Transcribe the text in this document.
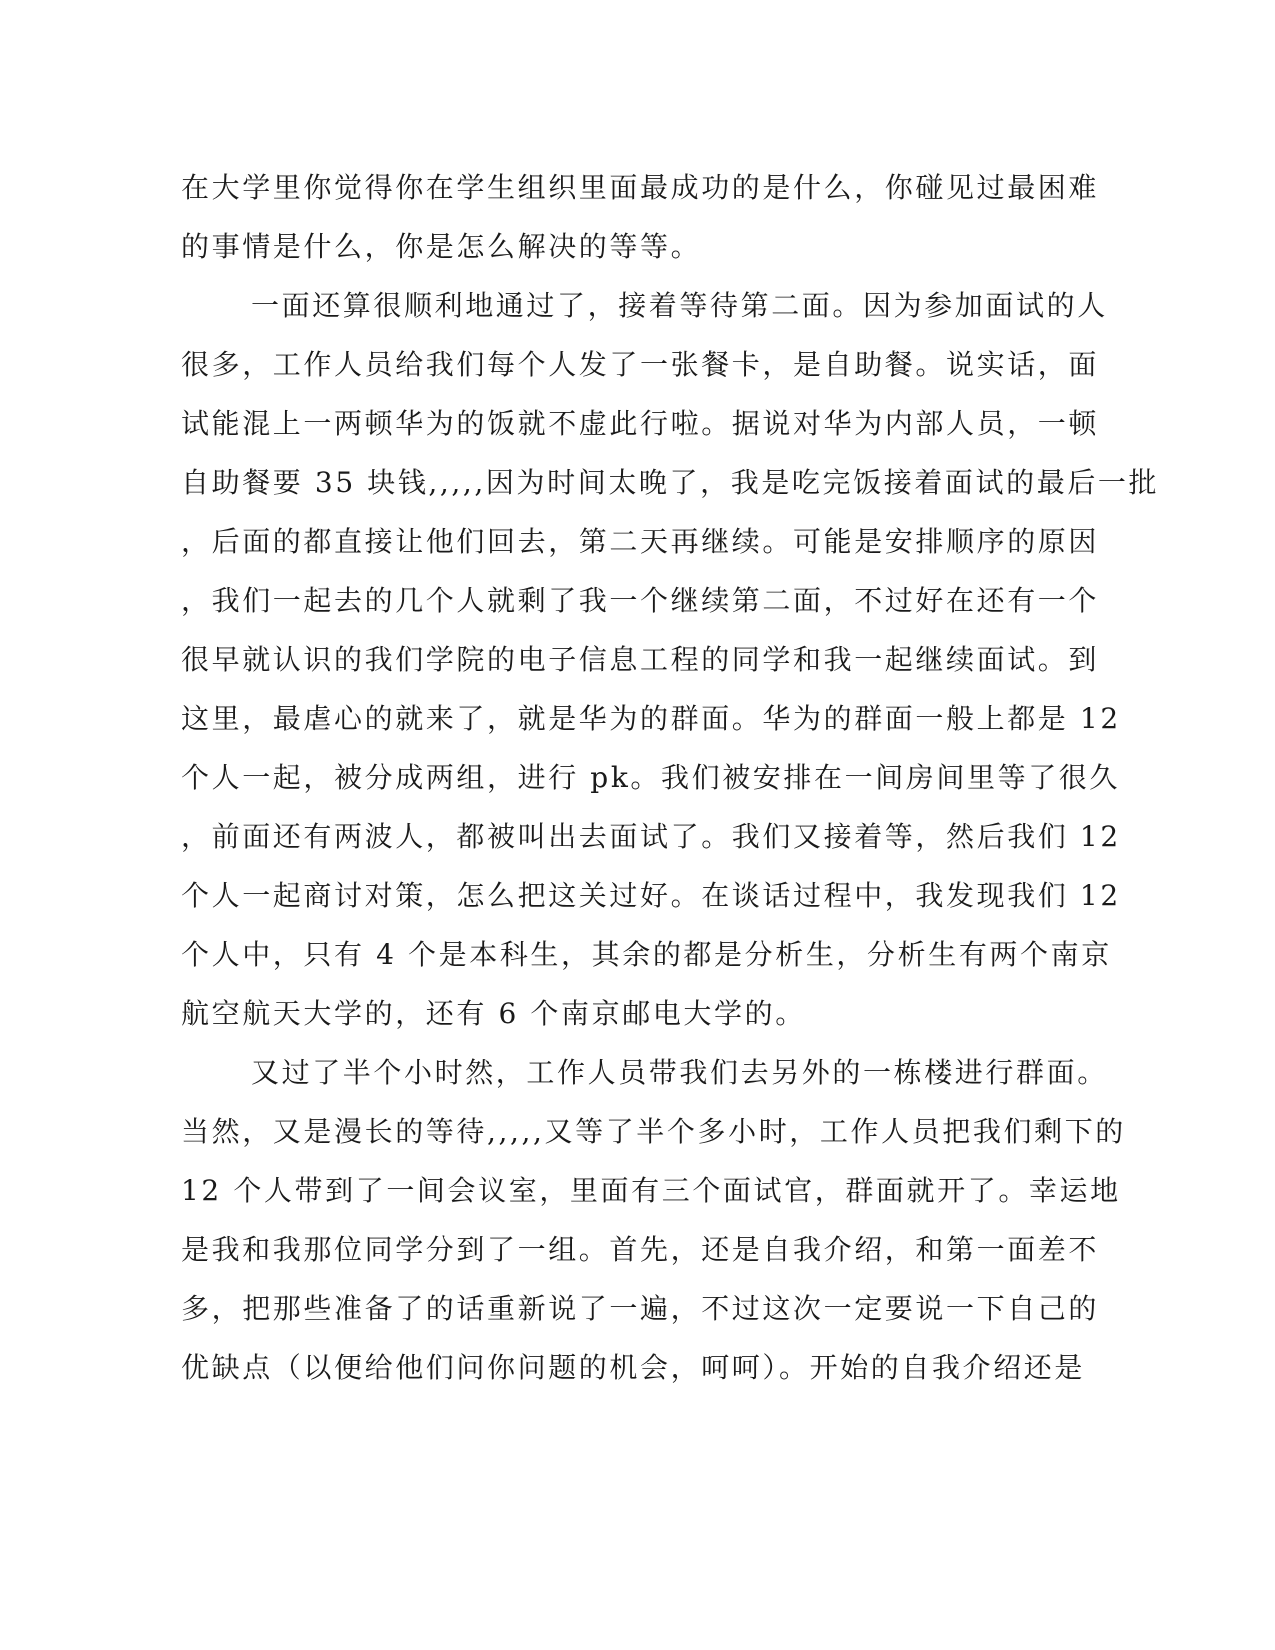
在大学里你觉得你在学生组织里面最成功的是什么，你碰见过最困难
的事情是什么，你是怎么解决的等等。
一面还算很顺利地通过了，接着等待第二面。因为参加面试的人
很多，工作人员给我们每个人发了一张餐卡，是自助餐。说实话，面
试能混上一两顿华为的饭就不虚此行啦。据说对华为内部人员，一顿
自助餐要 35 块钱,,,,,因为时间太晚了，我是吃完饭接着面试的最后一批
，后面的都直接让他们回去，第二天再继续。可能是安排顺序的原因
，我们一起去的几个人就剩了我一个继续第二面，不过好在还有一个
很早就认识的我们学院的电子信息工程的同学和我一起继续面试。到
这里，最虐心的就来了，就是华为的群面。华为的群面一般上都是 12
个人一起，被分成两组，进行 pk。我们被安排在一间房间里等了很久
，前面还有两波人，都被叫出去面试了。我们又接着等，然后我们 12
个人一起商讨对策，怎么把这关过好。在谈话过程中，我发现我们 12
个人中，只有 4 个是本科生，其余的都是分析生，分析生有两个南京
航空航天大学的，还有 6 个南京邮电大学的。
又过了半个小时然，工作人员带我们去另外的一栋楼进行群面。
当然，又是漫长的等待,,,,,又等了半个多小时，工作人员把我们剩下的
12 个人带到了一间会议室，里面有三个面试官，群面就开了。幸运地
是我和我那位同学分到了一组。首先，还是自我介绍，和第一面差不
多，把那些准备了的话重新说了一遍，不过这次一定要说一下自己的
优缺点（以便给他们问你问题的机会，呵呵）。开始的自我介绍还是
